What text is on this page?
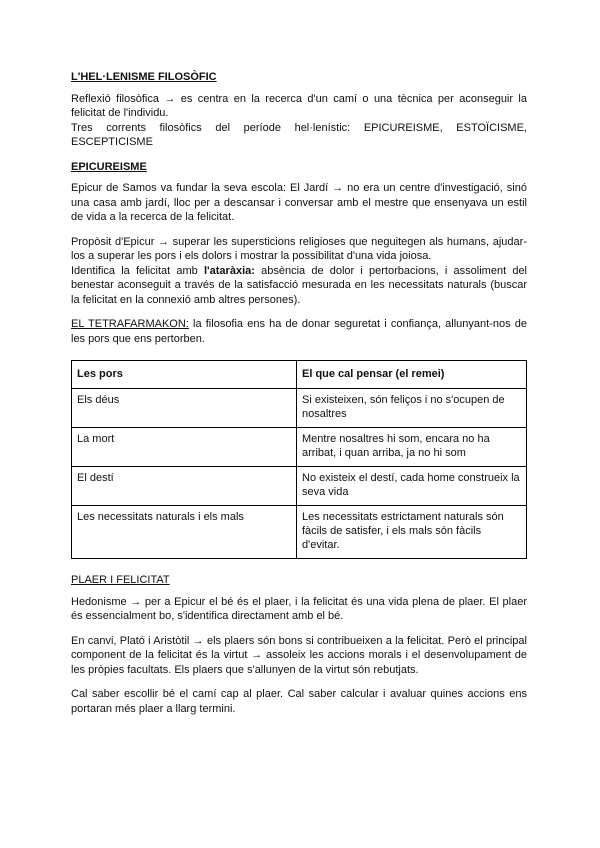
L'HEL·LENISME FILOSÒFIC

Reflexió filosòfica → es centra en la recerca d'un camí o una tècnica per aconseguir la felicitat de l'individu.

Tres corrents filosòfics del període hel·lenístic: EPICUREISME, ESTOÏCISME, ESCEPTICISME

EPICUREISME

Epicur de Samos va fundar la seva escola: El Jardí → no era un centre d'investigació, sinó una casa amb jardí, lloc per a descansar i conversar amb el mestre que ensenyava un estil de vida a la recerca de la felicitat.

Propòsit d'Epicur → superar les supersticions religioses que neguitegen als humans, ajudar-los a superar les pors i els dolors i mostrar la possibilitat d'una vida joiosa.

Identifica la felicitat amb l'ataràxia: absència de dolor i pertorbacions, i assoliment del benestar aconseguit a través de la satisfacció mesurada en les necessitats naturals (buscar la felicitat en la connexió amb altres persones).

EL TETRAFARMAKON: la filosofia ens ha de donar seguretat i confiança, allunyant-nos de les pors que ens pertorben.

Les pors	El que cal pensar (el remei)
Els déus	Si existeixen, són feliços i no s'ocupen de nosaltres
La mort	Mentre nosaltres hi som, encara no ha arribat, i quan arriba, ja no hi som
El destí	No existeix el destí, cada home construeix la seva vida
Les necessitats naturals i els mals	Les necessitats estrictament naturals són fàcils de satisfer, i els mals són fàcils d'evitar.

PLAER I FELICITAT

Hedonisme → per a Epicur el bé és el plaer, i la felicitat és una vida plena de plaer. El plaer és essencialment bo, s'identifica directament amb el bé.

En canvi, Plató i Aristòtil → els plaers són bons si contribueixen a la felicitat. Però el principal component de la felicitat és la virtut → assoleix les accions morals i el desenvolupament de les pròpies facultats. Els plaers que s'allunyen de la virtut són rebutjats.

Cal saber escollir bé el camí cap al plaer. Cal saber calcular i avaluar quines accions ens portaran més plaer a llarg termini.
